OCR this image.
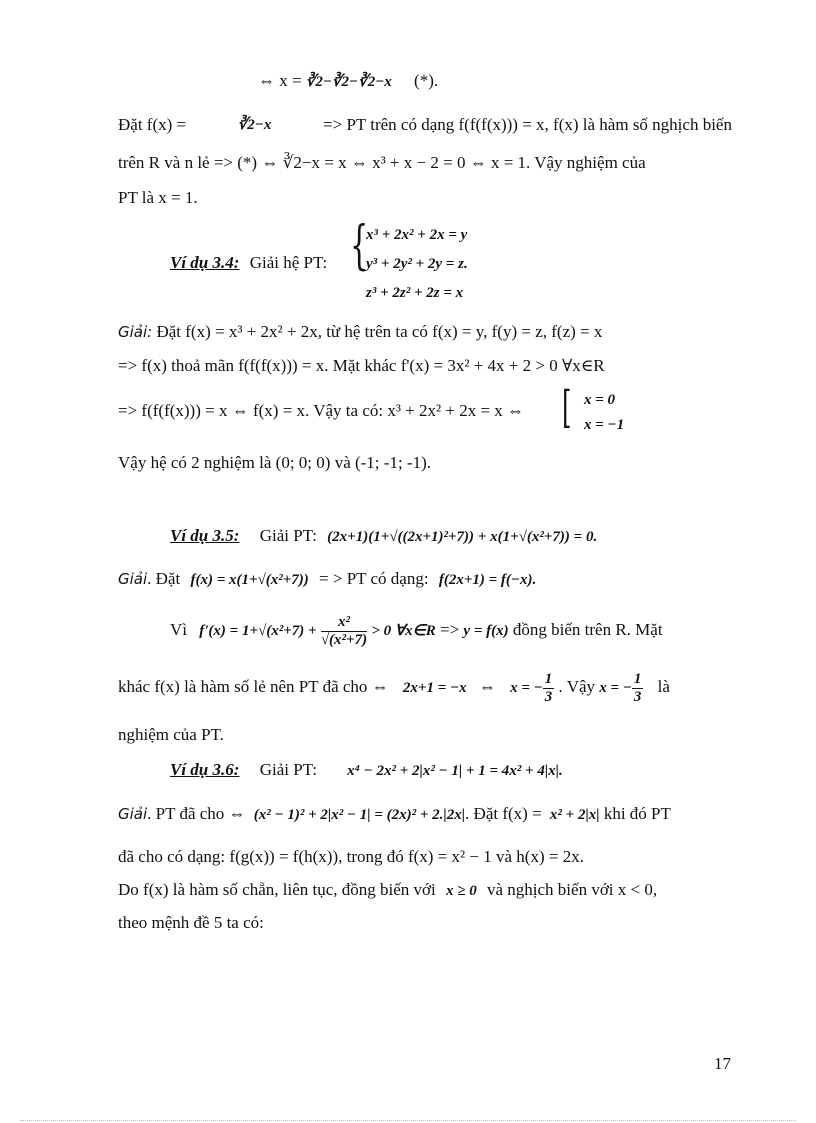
⇔ x = ∛2−∛2−∛2−x (*).
Đặt f(x) =	∛2−x	=> PT trên có dạng f(f(f(x))) = x, f(x) là hàm số nghịch biến
trên R và n lẻ => (*) ⇔ ∛2−x = x ⇔ x³ + x − 2 = 0 ⇔ x = 1. Vậy nghiệm của
PT là x = 1.
Ví dụ 3.4: Giải hệ PT: {
x³ + 2x² + 2x = y
y³ + 2y² + 2y = z.
z³ + 2z² + 2z = x
Giải: Đặt f(x) = x³ + 2x² + 2x, từ hệ trên ta có f(x) = y, f(y) = z, f(z) = x
=> f(x) thoả mãn f(f(f(x))) = x. Mặt khác f'(x) = 3x² + 4x + 2 > 0 ∀x∈R
=> f(f(f(x))) = x ⇔ f(x) = x. Vậy ta có: x³ + 2x² + 2x = x ⇔ [ x = 0
x = −1
Vậy hệ có 2 nghiệm là (0; 0; 0) và (-1; -1; -1).
Ví dụ 3.5: Giải PT: (2x+1)(1+√((2x+1)²+7)) + x(1+√(x²+7)) = 0.
Giải. Đặt f(x) = x(1+√(x²+7)) = > PT có dạng: f(2x+1) = f(−x).
Vì $f'(x) = 1+√(x^2+7) + \frac{\text{x²}}{\text{√(x²+7)}} > 0$ ∀x∈R => y = f(x) đồng biến trên R. Mặt
khác f(x) là hàm số lẻ nên PT đã cho ⇔ 2x+1 = −x ⇔ x = − $\frac{1}{3}$ . Vậy x = − $\frac{1}{3}$ là
nghiệm của PT.
Ví dụ 3.6: Giải PT: x⁴ − 2x² + 2|x² − 1| + 1 = 4x² + 4|x|.
Giải. PT đã cho ⇔ (x² − 1)² + 2|x² − 1| = (2x)² + 2.|2x|. Đặt f(x) = x² + 2|x| khi đó PT
đã cho có dạng: f(g(x)) = f(h(x)), trong đó f(x) = x² − 1 và h(x) = 2x.
Do f(x) là hàm số chẵn, liên tục, đồng biến với x ≥ 0 và nghịch biến với x < 0,
theo mệnh đề 5 ta có:
17
